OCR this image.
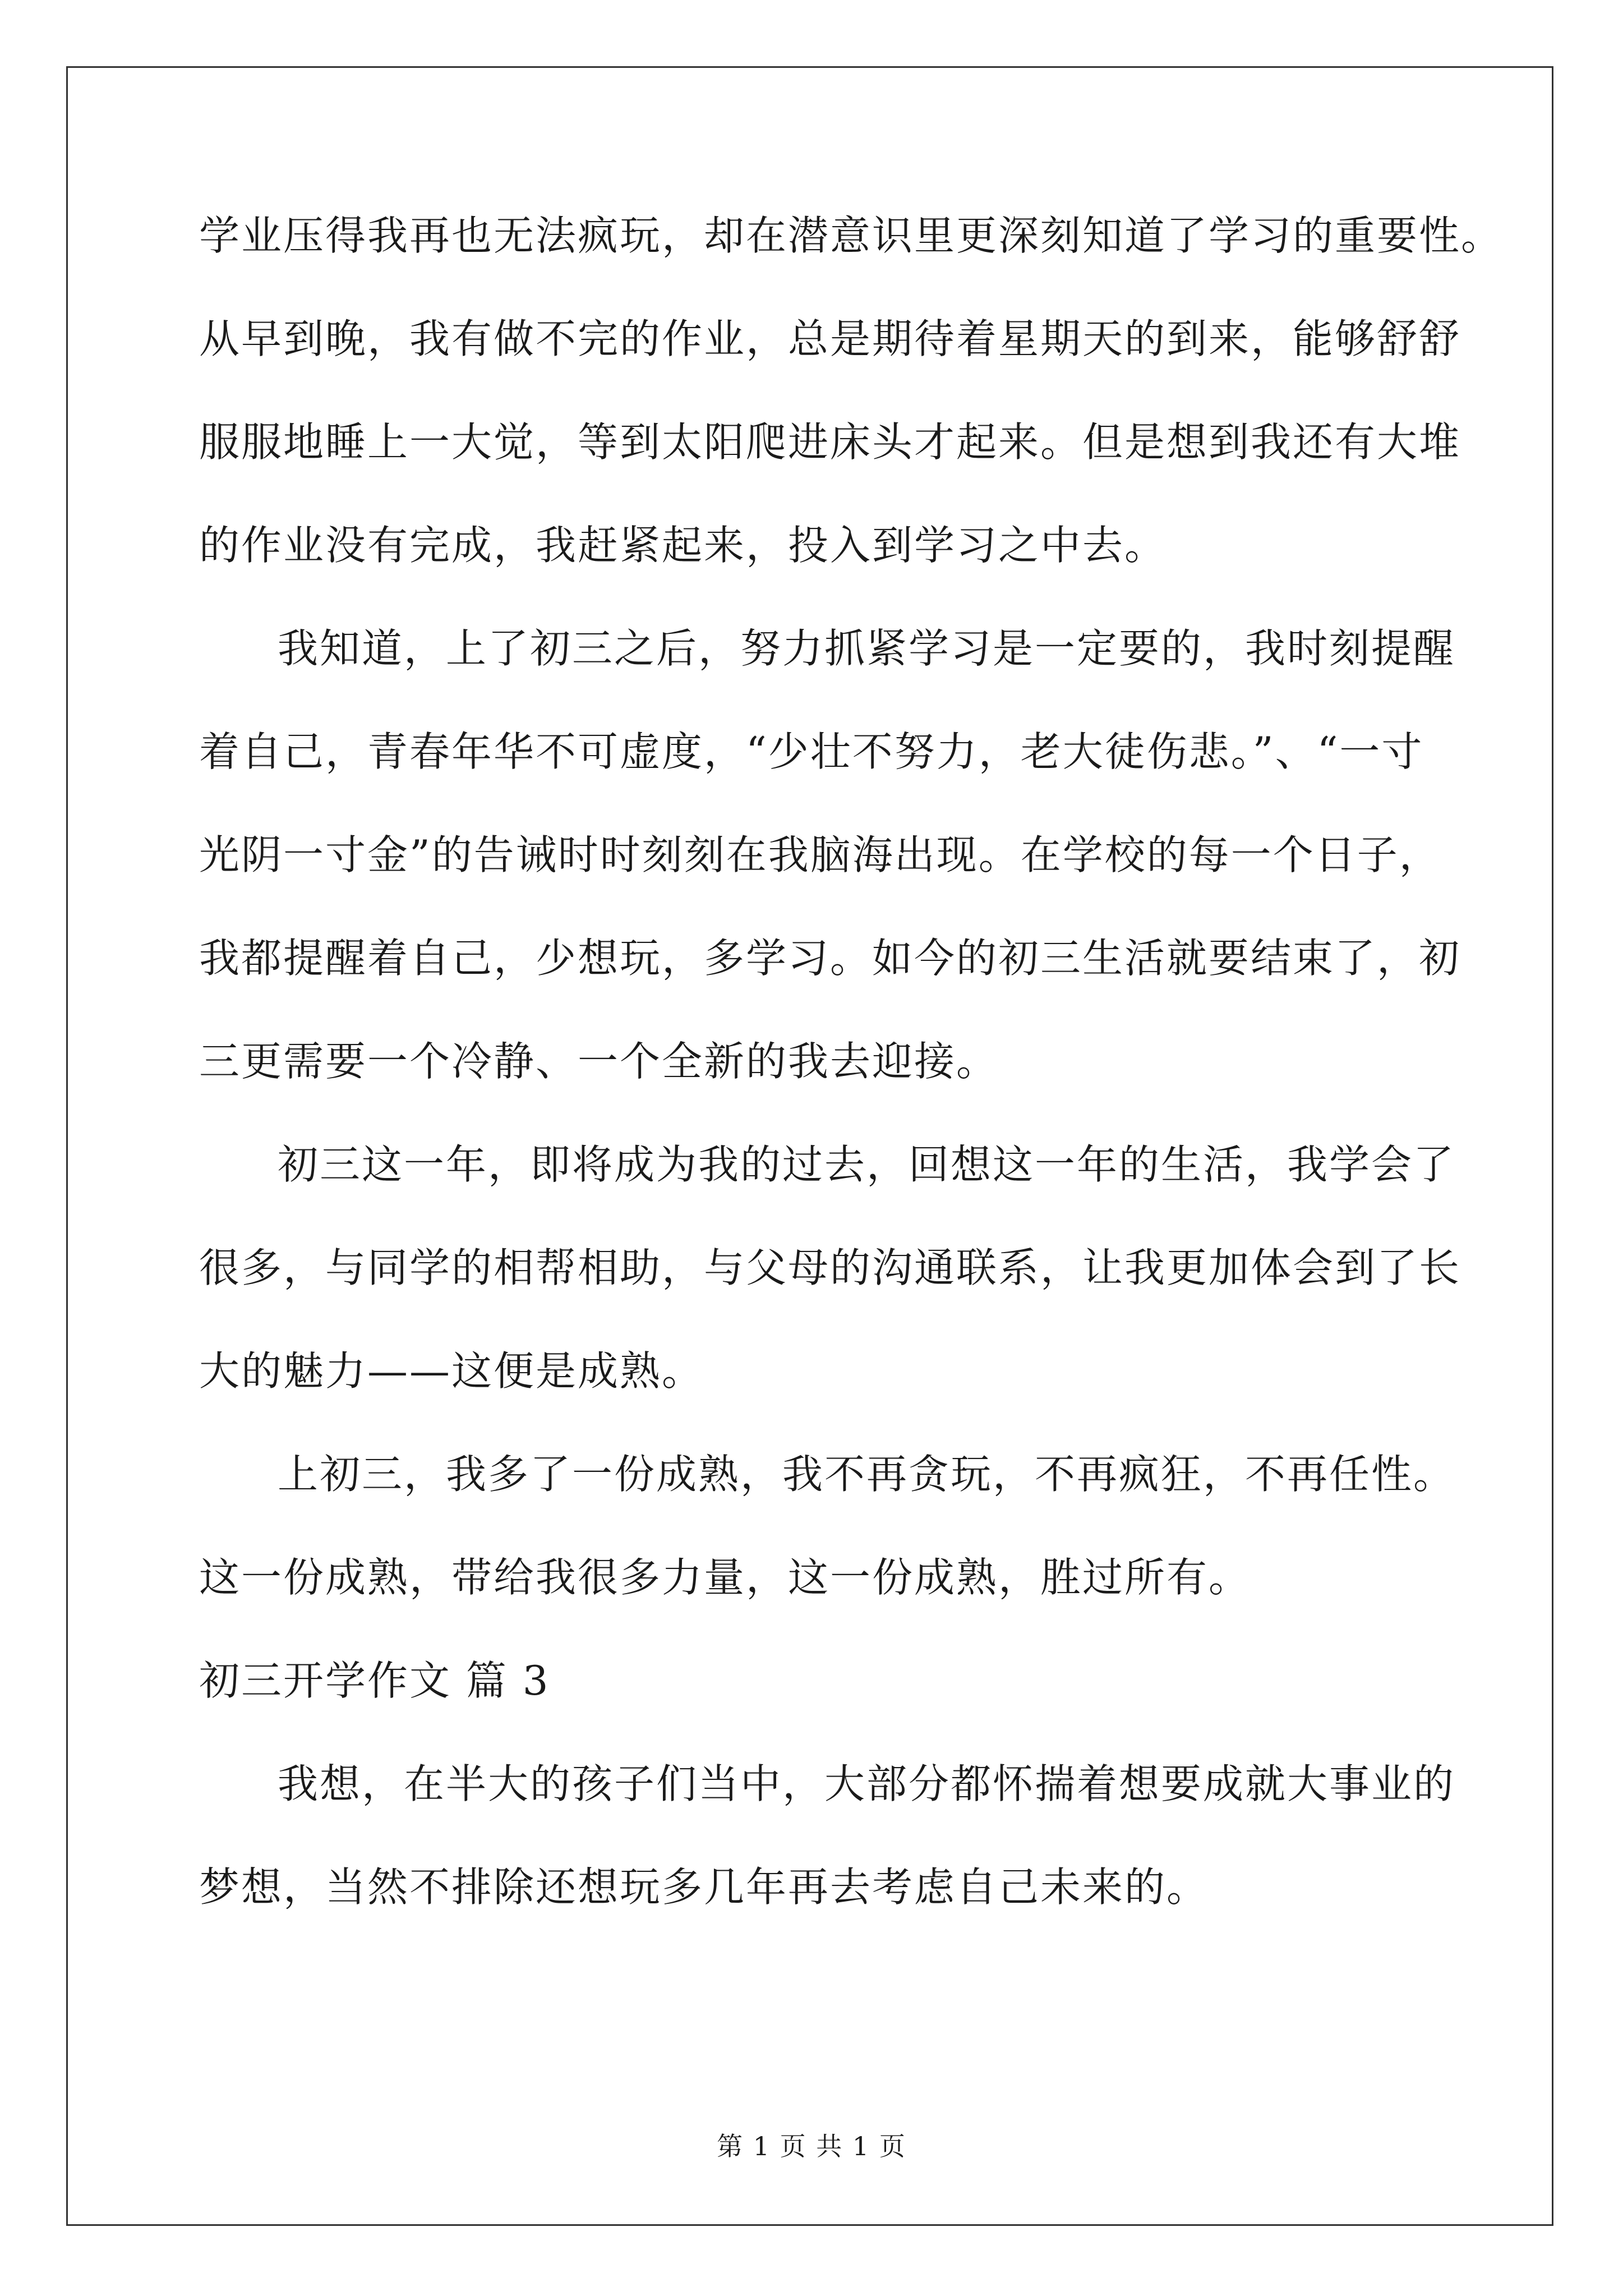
学业压得我再也无法疯玩，却在潜意识里更深刻知道了学习的重要性。
从早到晚，我有做不完的作业，总是期待着星期天的到来，能够舒舒
服服地睡上一大觉，等到太阳爬进床头才起来。但是想到我还有大堆
的作业没有完成，我赶紧起来，投入到学习之中去。
我知道，上了初三之后，努力抓紧学习是一定要的，我时刻提醒
着自己，青春年华不可虚度，“少壮不努力，老大徒伤悲。”、“一寸
光阴一寸金”的告诫时时刻刻在我脑海出现。在学校的每一个日子，
我都提醒着自己，少想玩，多学习。如今的初三生活就要结束了，初
三更需要一个冷静、一个全新的我去迎接。
初三这一年，即将成为我的过去，回想这一年的生活，我学会了
很多，与同学的相帮相助，与父母的沟通联系，让我更加体会到了长
大的魅力——这便是成熟。
上初三，我多了一份成熟，我不再贪玩，不再疯狂，不再任性。
这一份成熟，带给我很多力量，这一份成熟，胜过所有。
初三开学作文 篇 3
我想，在半大的孩子们当中，大部分都怀揣着想要成就大事业的
梦想，当然不排除还想玩多几年再去考虑自己未来的。
第 1 页 共 1 页
